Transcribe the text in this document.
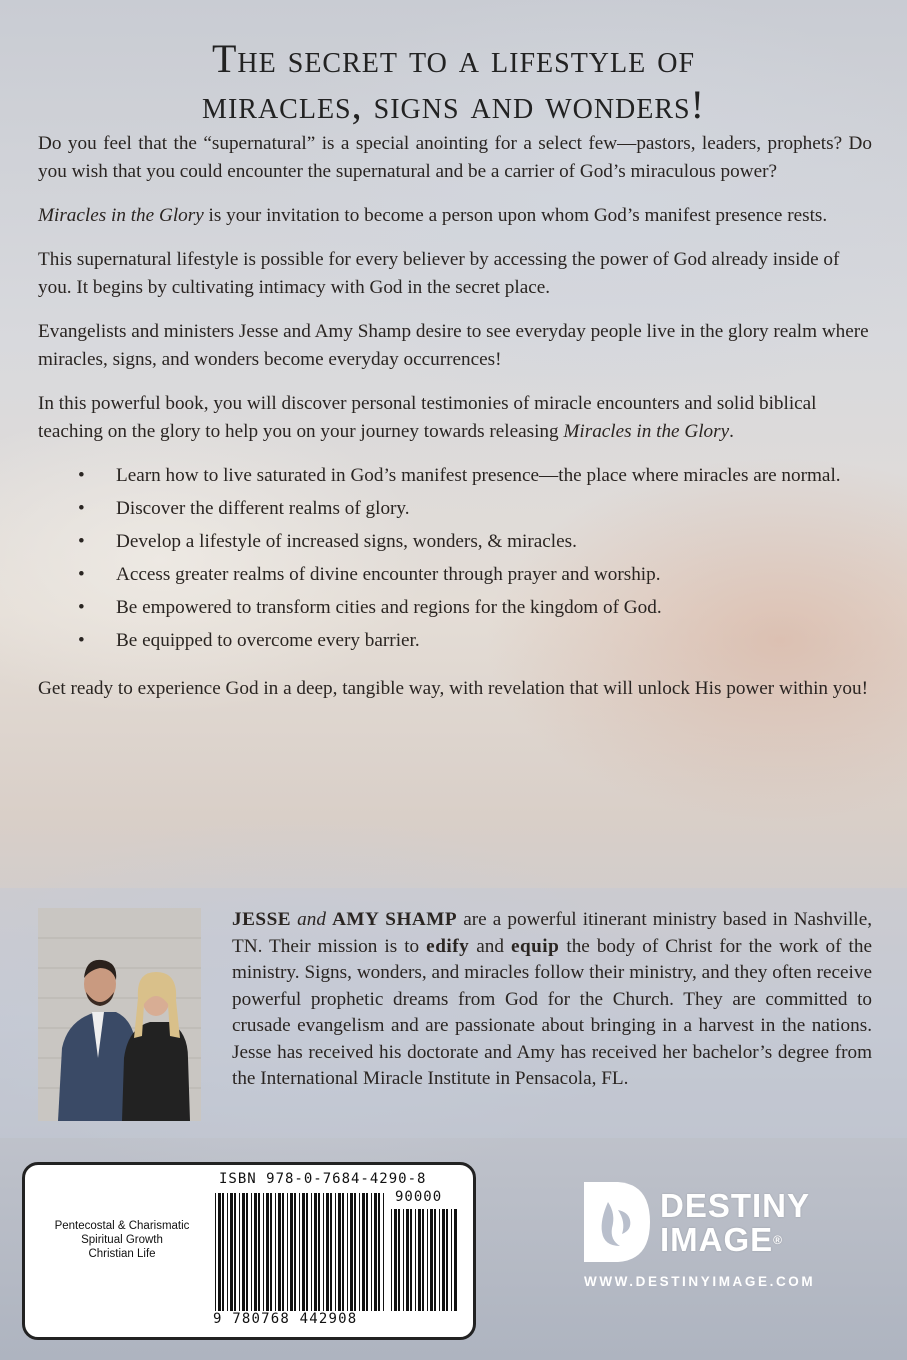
The secret to a lifestyle of
miracles, signs and wonders!

Do you feel that the “supernatural” is a special anointing for a select few—pastors, leaders, prophets? Do you wish that you could encounter the supernatural and be a carrier of God’s miraculous power?

Miracles in the Glory is your invitation to become a person upon whom God’s manifest presence rests.

This supernatural lifestyle is possible for every believer by accessing the power of God already inside of you. It begins by cultivating intimacy with God in the secret place.

Evangelists and ministers Jesse and Amy Shamp desire to see everyday people live in the glory realm where miracles, signs, and wonders become everyday occurrences!

In this powerful book, you will discover personal testimonies of miracle encounters and solid biblical teaching on the glory to help you on your journey towards releasing Miracles in the Glory.

• Learn how to live saturated in God’s manifest presence—the place where miracles are normal.
• Discover the different realms of glory.
• Develop a lifestyle of increased signs, wonders, & miracles.
• Access greater realms of divine encounter through prayer and worship.
• Be empowered to transform cities and regions for the kingdom of God.
• Be equipped to overcome every barrier.

Get ready to experience God in a deep, tangible way, with revelation that will unlock His power within you!

JESSE and AMY SHAMP are a powerful itinerant ministry based in Nashville, TN. Their mission is to edify and equip the body of Christ for the work of the ministry. Signs, wonders, and miracles follow their ministry, and they often receive powerful prophetic dreams from God for the Church. They are committed to crusade evangelism and are passionate about bringing in a harvest in the nations. Jesse has received his doctorate and Amy has received her bachelor’s degree from the International Miracle Institute in Pensacola, FL.
Pentecostal & Charismatic
Spiritual Growth
Christian Life
ISBN 978-0-7684-4290-8
90000
9 780768 442908
DESTINY
IMAGE®
WWW.DESTINYIMAGE.COM
